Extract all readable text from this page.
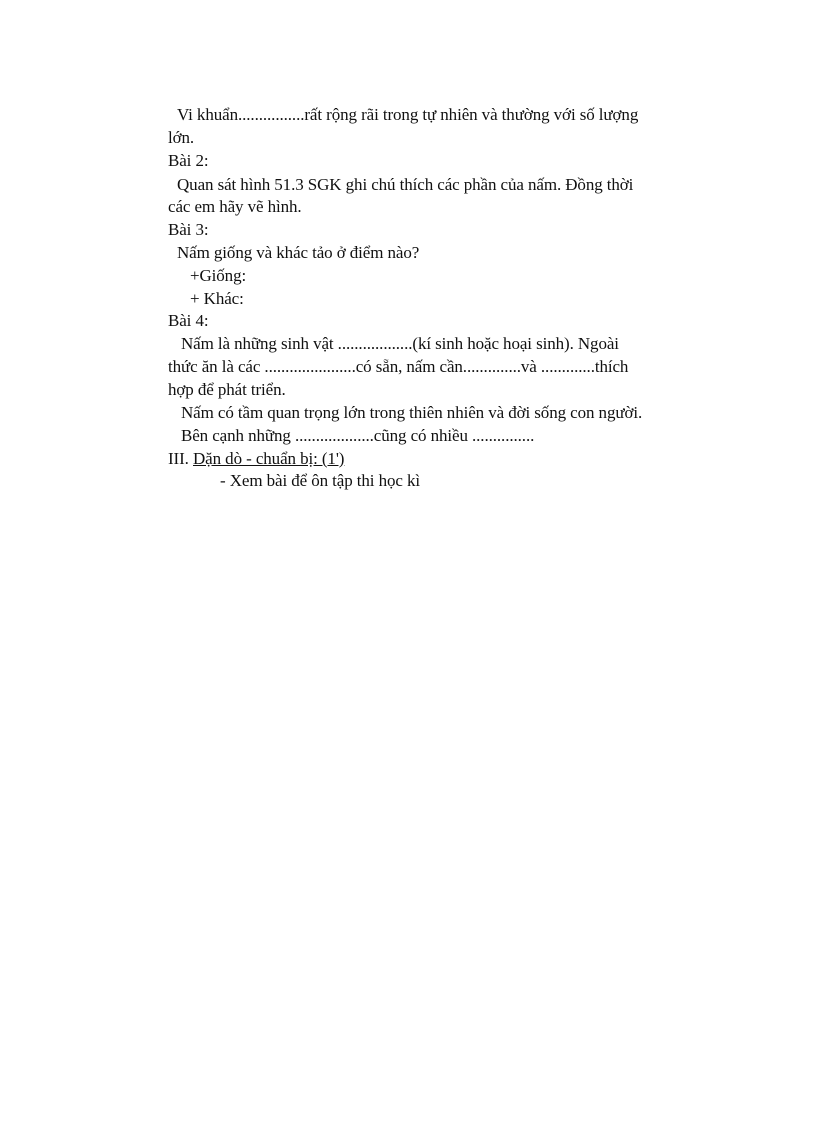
Vi khuẩn................rất rộng rãi trong tự nhiên và thường với số lượng
lớn.
Bài 2:
Quan sát hình 51.3 SGK ghi chú thích các phần của nấm. Đồng thời
các em hãy vẽ hình.
Bài 3:
Nấm giống và khác tảo ở điểm nào?
+Giống:
+ Khác:
Bài 4:
Nấm là những sinh vật ..................(kí sinh hoặc hoại sinh). Ngoài
thức ăn là các ......................có sẵn, nấm cần..............và .............thích
hợp để phát triển.
Nấm có tầm quan trọng lớn trong thiên nhiên và đời sống con người.
Bên cạnh những ...................cũng có nhiều ...............
III. Dặn dò - chuẩn bị: (1')
- Xem bài để ôn tập thi học kì
